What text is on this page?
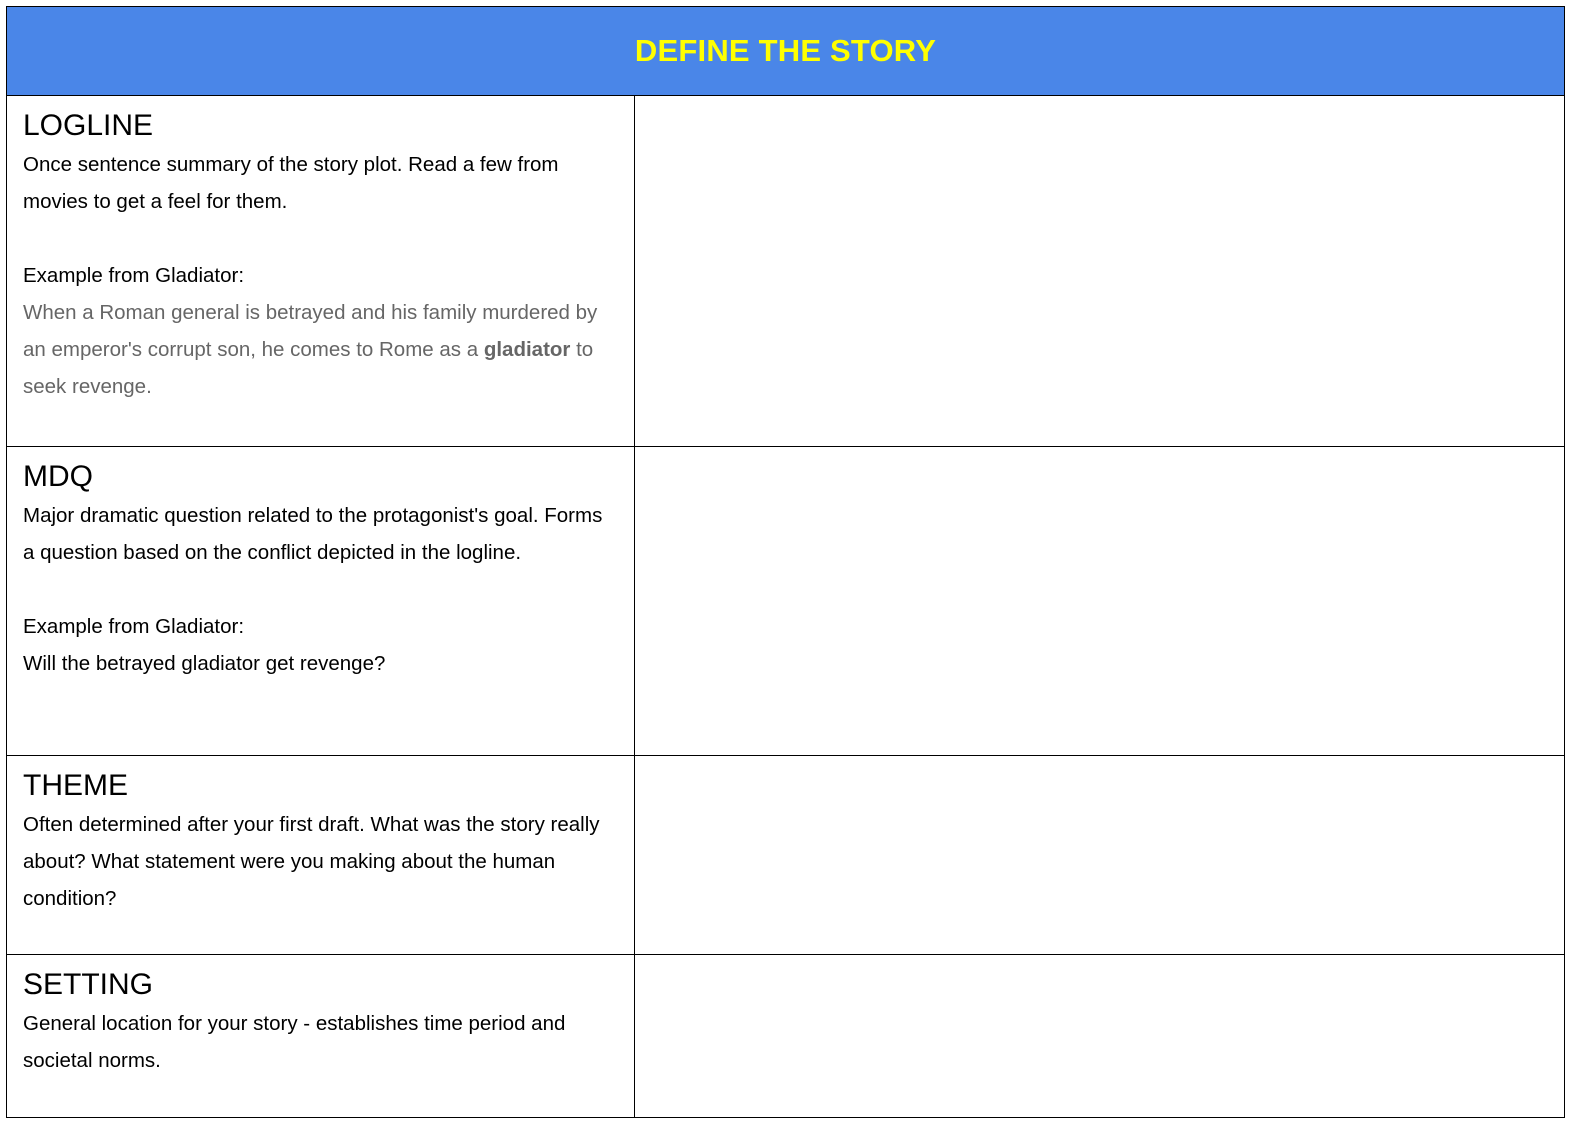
DEFINE THE STORY	

LOGLINE
Once sentence summary of the story plot. Read a few from movies to get a feel for them.
Example from Gladiator:
When a Roman general is betrayed and his family murdered by an emperor's corrupt son, he comes to Rome as a gladiator to seek revenge.	

MDQ
Major dramatic question related to the protagonist's goal. Forms a question based on the conflict depicted in the logline.
Example from Gladiator:
Will the betrayed gladiator get revenge?	

THEME
Often determined after your first draft. What was the story really about? What statement were you making about the human condition?	

SETTING
General location for your story - establishes time period and societal norms.	
